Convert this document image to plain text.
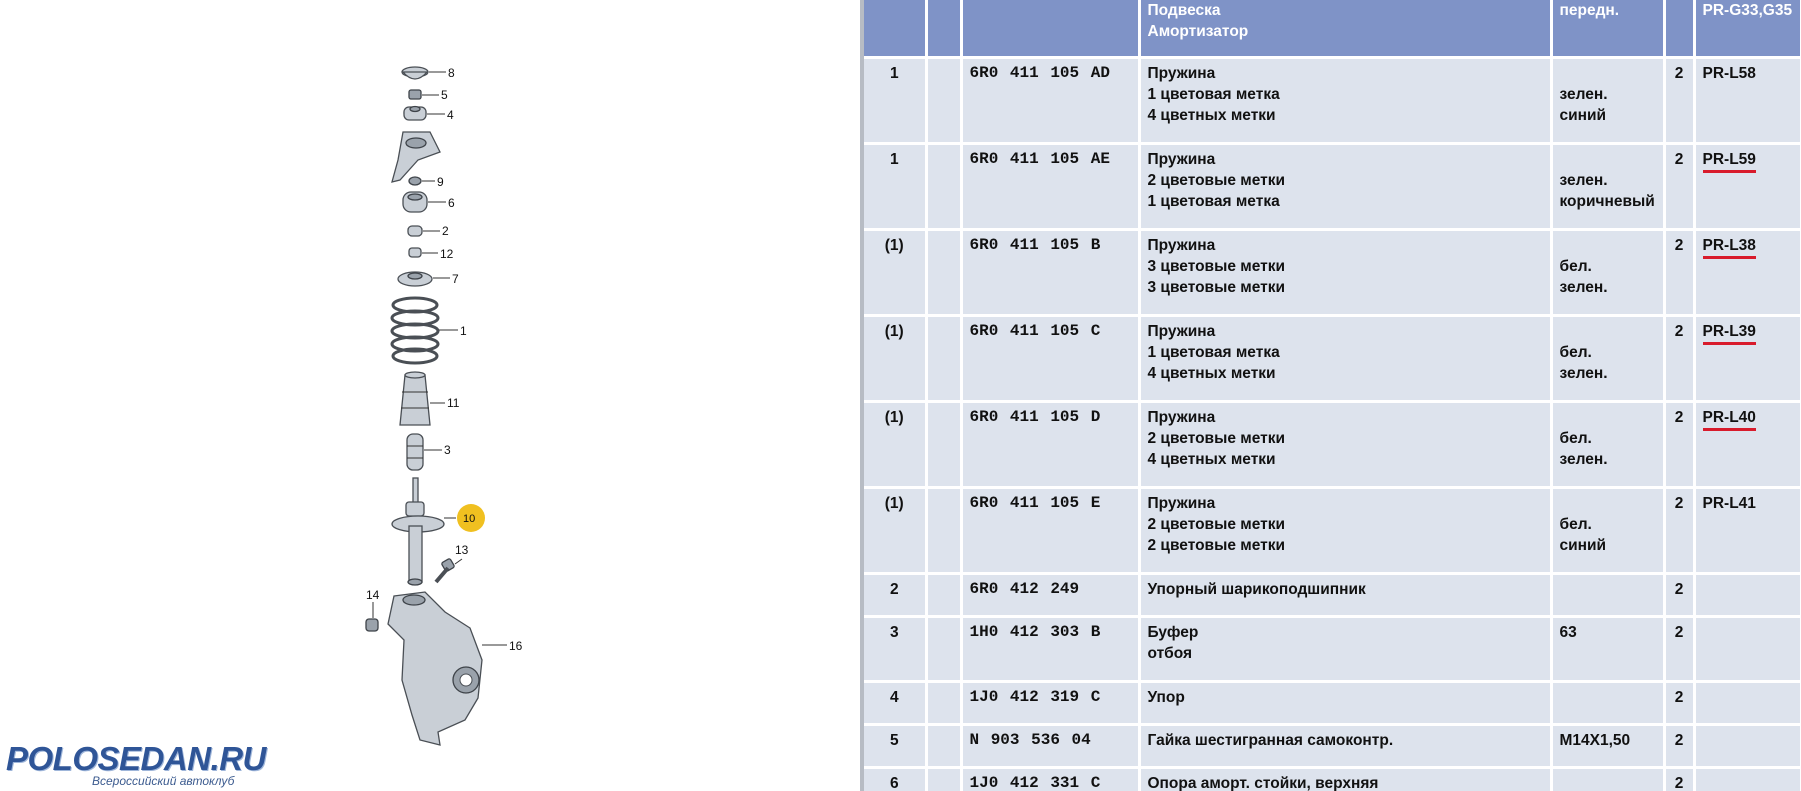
8
5
4
9
6
2
12
7
1
11
3
10
13
14
16
POLOSEDAN.RU
Всероссийский автоклуб

			Подвеска
Амортизатор	передн.		PR-G33,G35
1		6R0 411 105 AD	Пружина
1 цветовая метка
4 цветных метки	зелен.
синий	2	PR-L58
1		6R0 411 105 AE	Пружина
2 цветовые метки
1 цветовая метка	зелен.
коричневый	2	PR-L59
(1)		6R0 411 105 B	Пружина
3 цветовые метки
3 цветовые метки	бел.
зелен.	2	PR-L38
(1)		6R0 411 105 C	Пружина
1 цветовая метка
4 цветных метки	бел.
зелен.	2	PR-L39
(1)		6R0 411 105 D	Пружина
2 цветовые метки
4 цветных метки	бел.
зелен.	2	PR-L40
(1)		6R0 411 105 E	Пружина
2 цветовые метки
2 цветовые метки	бел.
синий	2	PR-L41
2		6R0 412 249	Упорный шарикоподшипник		2	
3		1H0 412 303 B	Буфер
отбоя	63	2	
4		1J0 412 319 C	Упор		2	
5		N 903 536 04	Гайка шестигранная самоконтр.	M14X1,50	2	
6		1J0 412 331 C	Опора аморт. стойки, верхняя		2	
